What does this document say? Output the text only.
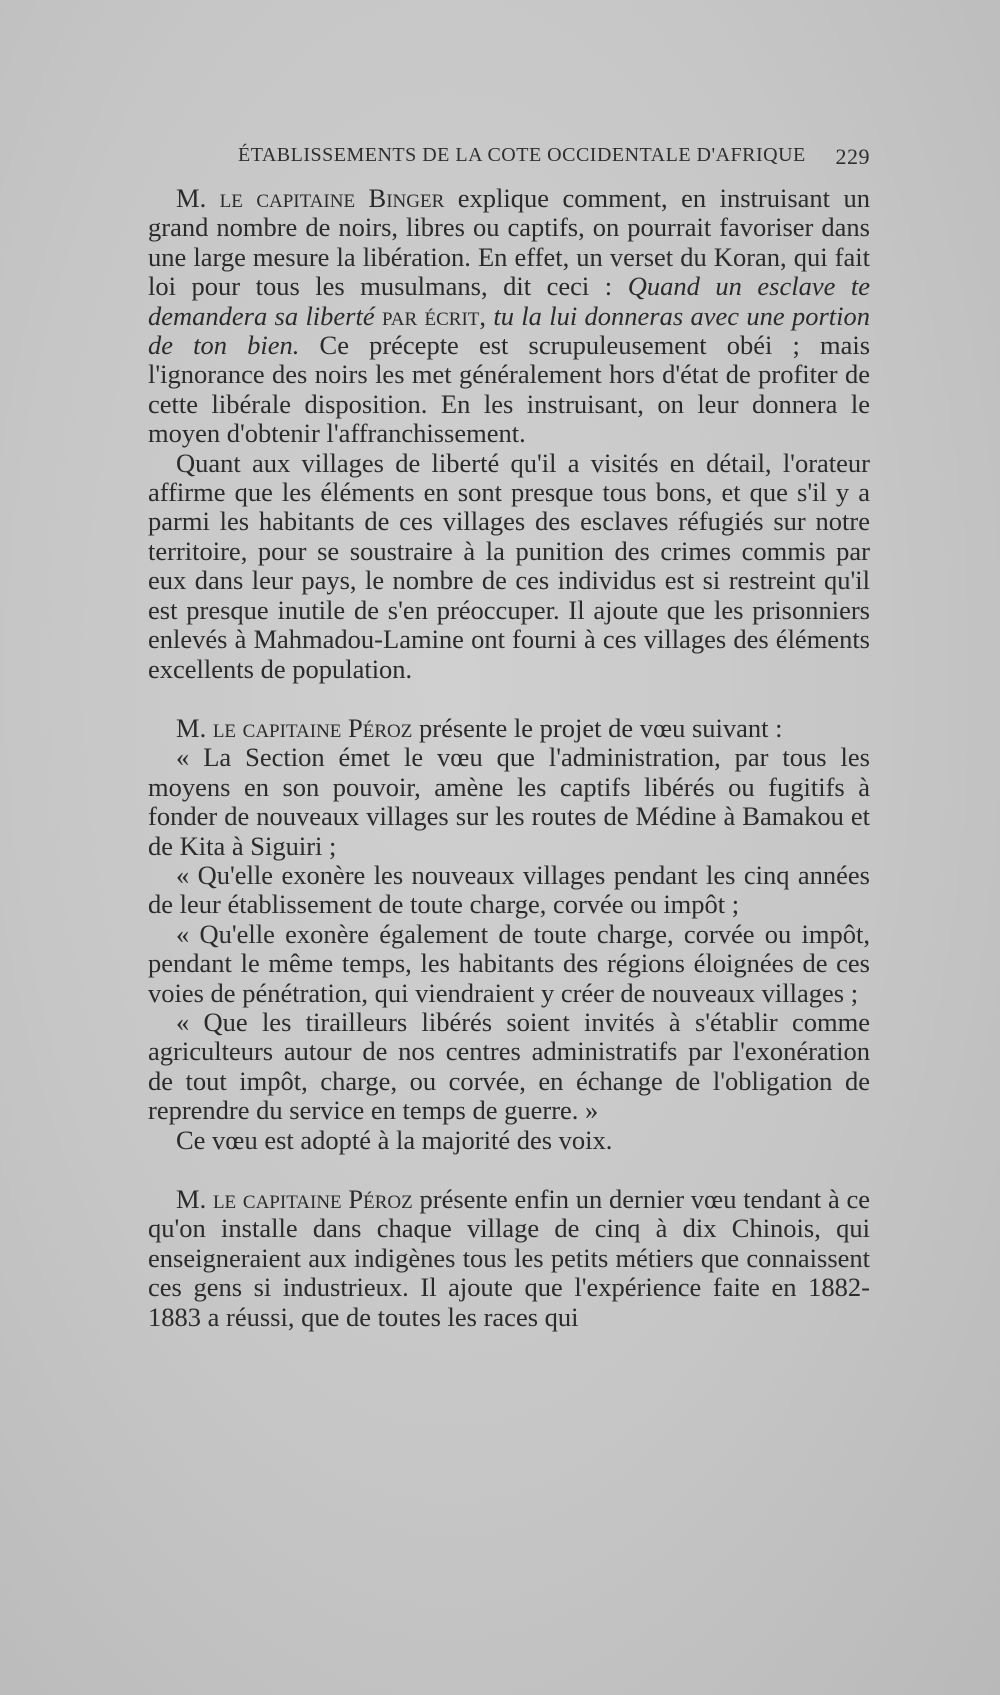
ÉTABLISSEMENTS DE LA COTE OCCIDENTALE D'AFRIQUE 229

M. le capitaine Binger explique comment, en instruisant un grand nombre de noirs, libres ou captifs, on pourrait favoriser dans une large mesure la libération. En effet, un verset du Koran, qui fait loi pour tous les musulmans, dit ceci : Quand un esclave te demandera sa liberté par écrit, tu la lui donneras avec une portion de ton bien. Ce précepte est scrupuleusement obéi ; mais l'ignorance des noirs les met généralement hors d'état de profiter de cette libérale disposition. En les instruisant, on leur donnera le moyen d'obtenir l'affranchissement.

Quant aux villages de liberté qu'il a visités en détail, l'orateur affirme que les éléments en sont presque tous bons, et que s'il y a parmi les habitants de ces villages des esclaves réfugiés sur notre territoire, pour se soustraire à la punition des crimes commis par eux dans leur pays, le nombre de ces individus est si restreint qu'il est presque inutile de s'en préoccuper. Il ajoute que les prisonniers enlevés à Mahmadou-Lamine ont fourni à ces villages des éléments excellents de population.

M. le capitaine Péroz présente le projet de vœu suivant :

« La Section émet le vœu que l'administration, par tous les moyens en son pouvoir, amène les captifs libérés ou fugitifs à fonder de nouveaux villages sur les routes de Médine à Bamakou et de Kita à Siguiri ;

« Qu'elle exonère les nouveaux villages pendant les cinq années de leur établissement de toute charge, corvée ou impôt ;

« Qu'elle exonère également de toute charge, corvée ou impôt, pendant le même temps, les habitants des régions éloignées de ces voies de pénétration, qui viendraient y créer de nouveaux villages ;

« Que les tirailleurs libérés soient invités à s'établir comme agriculteurs autour de nos centres administratifs par l'exonération de tout impôt, charge, ou corvée, en échange de l'obligation de reprendre du service en temps de guerre. »

Ce vœu est adopté à la majorité des voix.

M. le capitaine Péroz présente enfin un dernier vœu tendant à ce qu'on installe dans chaque village de cinq à dix Chinois, qui enseigneraient aux indigènes tous les petits métiers que connaissent ces gens si industrieux. Il ajoute que l'expérience faite en 1882-1883 a réussi, que de toutes les races qui
